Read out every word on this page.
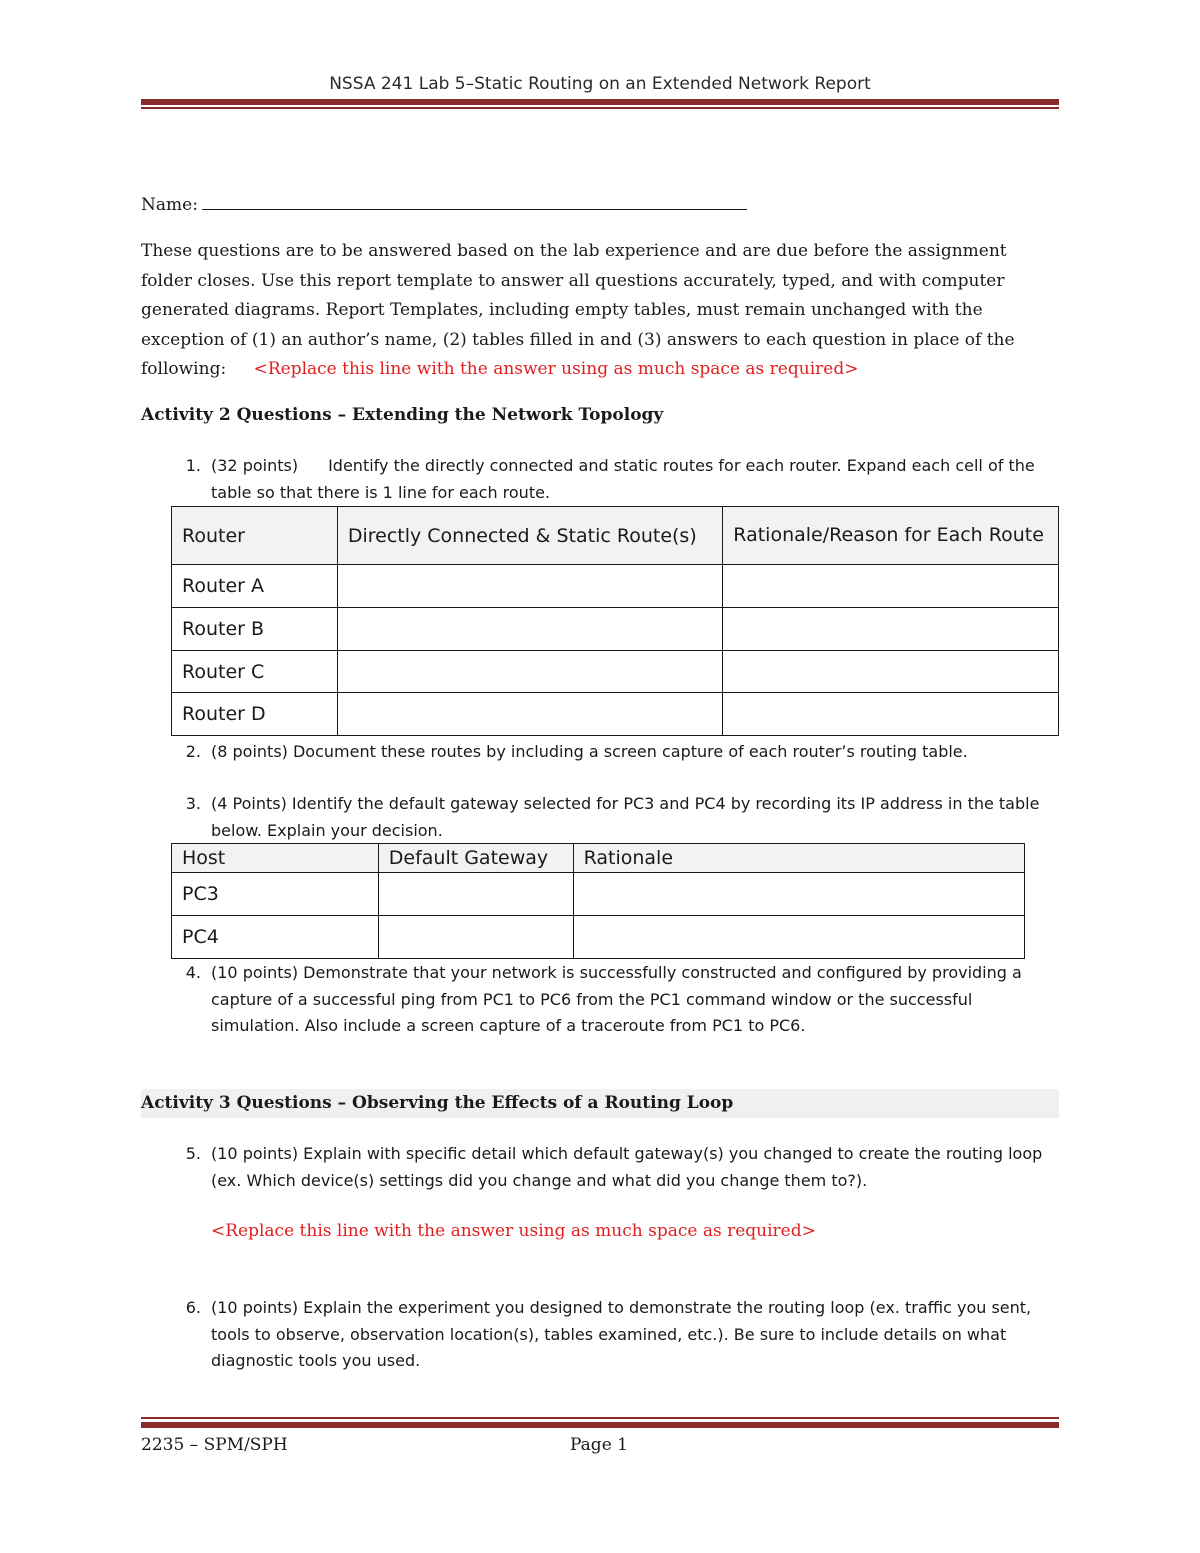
NSSA 241 Lab 5–Static Routing on an Extended Network Report
Name:
These questions are to be answered based on the lab experience and are due before the assignment folder closes. Use this report template to answer all questions accurately, typed, and with computer generated diagrams. Report Templates, including empty tables, must remain unchanged with the exception of (1) an author’s name, (2) tables filled in and (3) answers to each question in place of the following: <Replace this line with the answer using as much space as required>
Activity 2 Questions – Extending the Network Topology
1. (32 points) Identify the directly connected and static routes for each router. Expand each cell of the table so that there is 1 line for each route.
Router	Directly Connected & Static Route(s)	Rationale/Reason for Each Route
Router A		
Router B		
Router C		
Router D		
2. (8 points) Document these routes by including a screen capture of each router’s routing table.
3. (4 Points) Identify the default gateway selected for PC3 and PC4 by recording its IP address in the table below. Explain your decision.
Host	Default Gateway	Rationale
PC3		
PC4		
4. (10 points) Demonstrate that your network is successfully constructed and configured by providing a capture of a successful ping from PC1 to PC6 from the PC1 command window or the successful simulation. Also include a screen capture of a traceroute from PC1 to PC6.
Activity 3 Questions – Observing the Effects of a Routing Loop
5. (10 points) Explain with specific detail which default gateway(s) you changed to create the routing loop (ex. Which device(s) settings did you change and what did you change them to?).
<Replace this line with the answer using as much space as required>
6. (10 points) Explain the experiment you designed to demonstrate the routing loop (ex. traffic you sent, tools to observe, observation location(s), tables examined, etc.). Be sure to include details on what diagnostic tools you used.
2235 – SPM/SPH	Page 1
